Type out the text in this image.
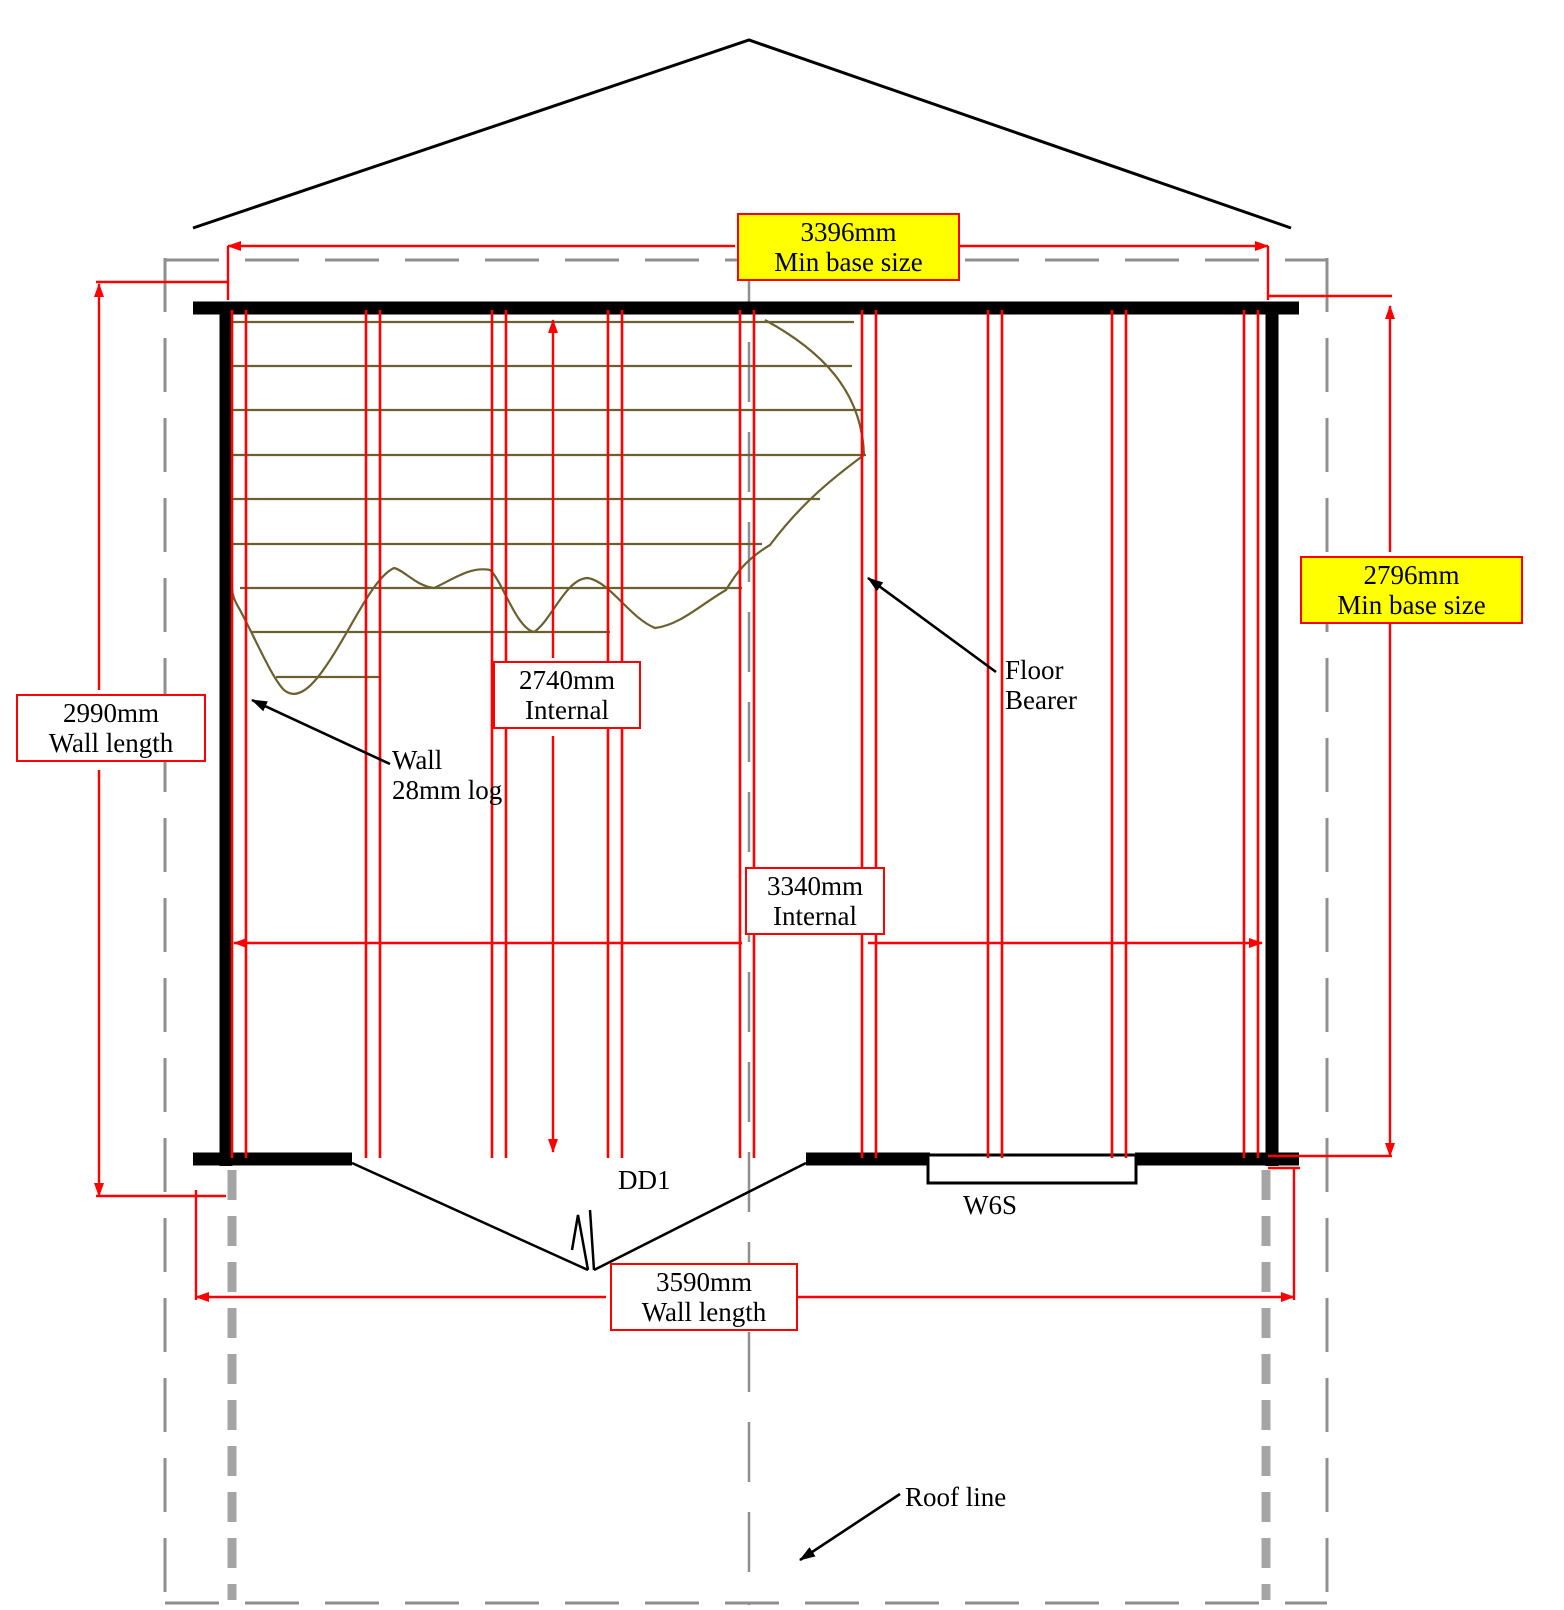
3396mm
Min base size
2796mm
Min base size
2990mm
Wall length
2740mm
Internal
3340mm
Internal
3590mm
Wall length
Wall
28mm log
Floor
Bearer
DD1
W6S
Roof line
